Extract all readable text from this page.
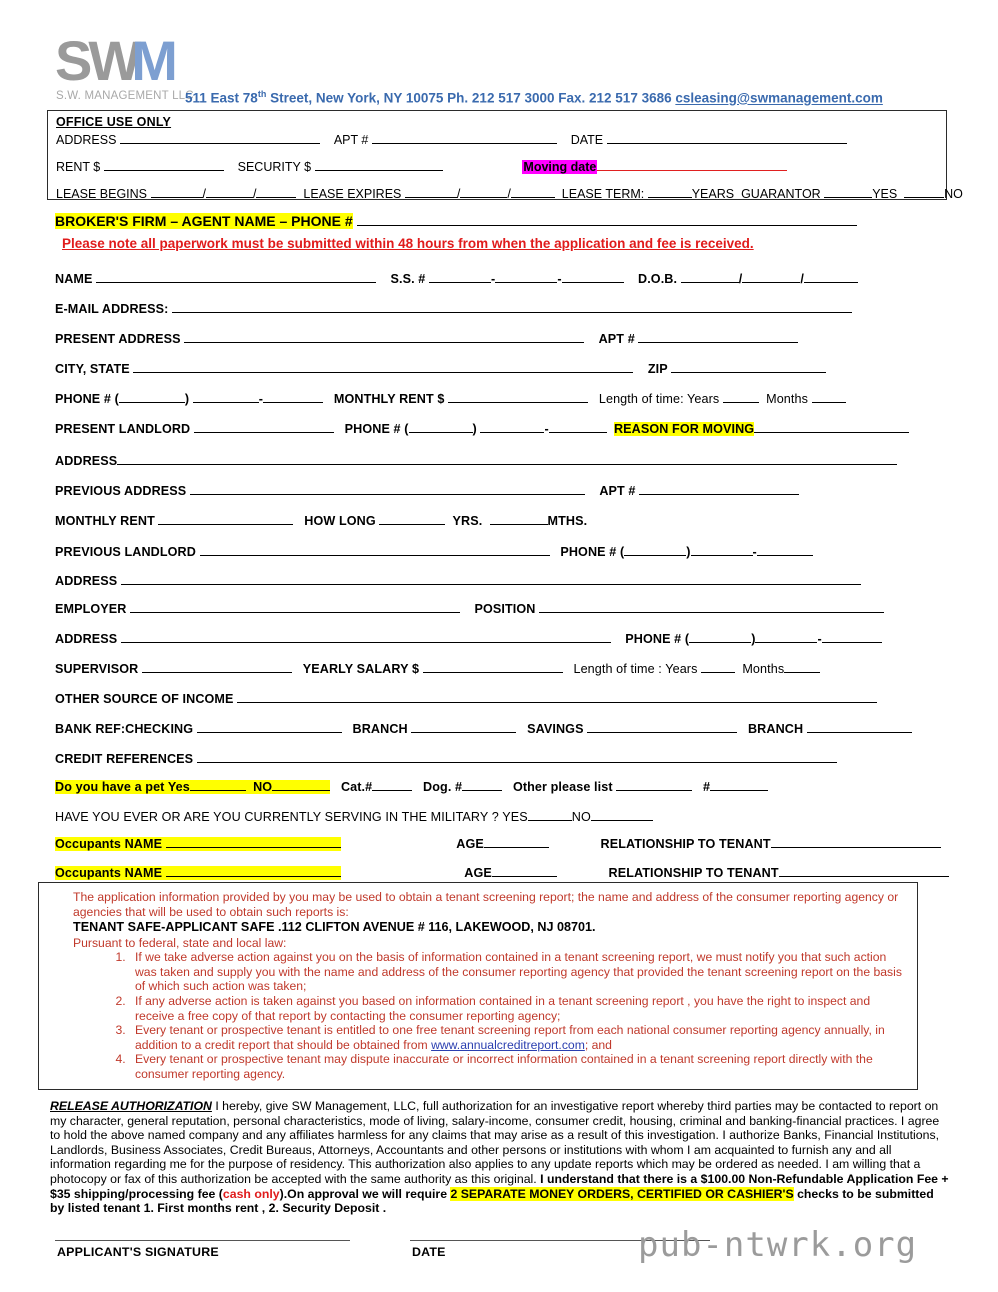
SWM
S.W. MANAGEMENT LLC
511 East 78th Street, New York, NY 10075 Ph. 212 517 3000 Fax. 212 517 3686 csleasing@swmanagement.com
OFFICE USE ONLY
ADDRESS	APT #	DATE
RENT $	SECURITY $	Moving date
LEASE BEGINS	/	/	LEASE EXPIRES	/	/	LEASE TERM:	YEARS GUARANTOR	YES	NO
BROKER'S FIRM – AGENT NAME – PHONE #
Please note all paperwork must be submitted within 48 hours from when the application and fee is received.
NAME	S.S. #	-	-	D.O.B.	/	/
E-MAIL ADDRESS:
PRESENT ADDRESS	APT #
CITY, STATE	ZIP
PHONE # (	)	-	MONTHLY RENT $	Length of time: Years	Months
PRESENT LANDLORD	PHONE # (	)	-	REASON FOR MOVING
ADDRESS
PREVIOUS ADDRESS	APT #
MONTHLY RENT	HOW LONG	YRS.	MTHS.
PREVIOUS LANDLORD	PHONE # (	)	-
ADDRESS
EMPLOYER	POSITION
ADDRESS	PHONE # (	)	-
SUPERVISOR	YEARLY SALARY $	Length of time : Years	Months
OTHER SOURCE OF INCOME
BANK REF:CHECKING	BRANCH	SAVINGS	BRANCH
CREDIT REFERENCES
Do you have a pet Yes	NO	Cat.#	Dog. #	Other please list	#
HAVE YOU EVER OR ARE YOU CURRENTLY SERVING IN THE MILITARY ? YES	NO
Occupants NAME	AGE	RELATIONSHIP TO TENANT
Occupants NAME	AGE	RELATIONSHIP TO TENANT

The application information provided by you may be used to obtain a tenant screening report; the name and address of the consumer reporting agency or agencies that will be used to obtain such reports is:

TENANT SAFE-APPLICANT SAFE .112 CLIFTON AVENUE # 116, LAKEWOOD, NJ 08701.

Pursuant to federal, state and local law:

1. If we take adverse action against you on the basis of information contained in a tenant screening report, we must notify you that such action was taken and supply you with the name and address of the consumer reporting agency that provided the tenant screening report on the basis of which such action was taken;
2. If any adverse action is taken against you based on information contained in a tenant screening report , you have the right to inspect and receive a free copy of that report by contacting the consumer reporting agency;
3. Every tenant or prospective tenant is entitled to one free tenant screening report from each national consumer reporting agency annually, in addition to a credit report that should be obtained from www.annualcreditreport.com; and
4. Every tenant or prospective tenant may dispute inaccurate or incorrect information contained in a tenant screening report directly with the consumer reporting agency.
RELEASE AUTHORIZATION I hereby, give SW Management, LLC, full authorization for an investigative report whereby third parties may be contacted to report on my character, general reputation, personal characteristics, mode of living, salary-income, consumer credit, housing, criminal and banking-financial practices. I agree to hold the above named company and any affiliates harmless for any claims that may arise as a result of this investigation. I authorize Banks, Financial Institutions, Landlords, Business Associates, Credit Bureaus, Attorneys, Accountants and other persons or institutions with whom I am acquainted to furnish any and all information regarding me for the purpose of residency. This authorization also applies to any update reports which may be ordered as needed. I am willing that a photocopy or fax of this authorization be accepted with the same authority as this original. I understand that there is a $100.00 Non-Refundable Application Fee + $35 shipping/processing fee (cash only).On approval we will require 2 SEPARATE MONEY ORDERS, CERTIFIED OR CASHIER'S checks to be submitted by listed tenant 1. First months rent , 2. Security Deposit .
APPLICANT'S SIGNATURE	DATE	pub-ntwrk.org
